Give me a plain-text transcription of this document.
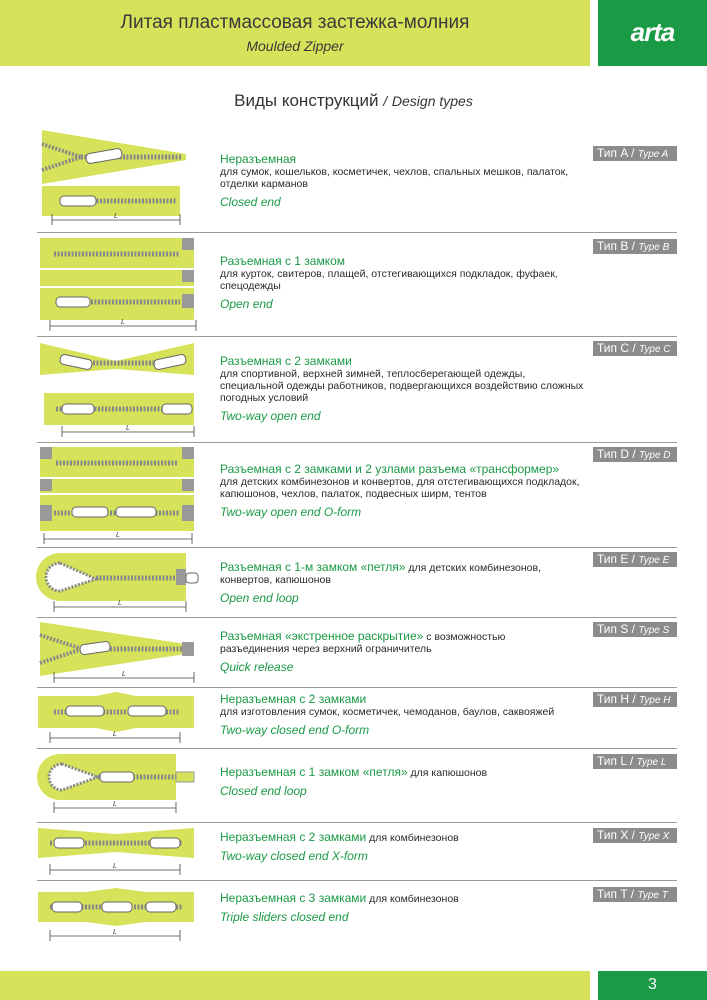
Литая пластмассовая застежка-молния
Moulded Zipper	arta
Виды конструкций / Design types
L
Неразъемная
для сумок, кошельков, косметичек, чехлов, спальных мешков, палаток, отделки карманов
Closed end
Тип A / Type A
L
Разъемная с 1 замком
для курток, свитеров, плащей, отстегивающихся подкладок, фуфаек, спецодежды
Open end
Тип B / Type B
L
Разъемная с 2 замками
для спортивной, верхней зимней, теплосберегающей одежды, специальной одежды работников, подвергающихся воздействию сложных погодных условий
Two-way open end
Тип C / Type C
L
Разъемная с 2 замками и 2 узлами разъема «трансформер»
для детских комбинезонов и конвертов, для отстегивающихся подкладок, капюшонов, чехлов, палаток, подвесных ширм, тентов
Two-way open end O-form
Тип D / Type D
L
Разъемная с 1-м замком «петля» для детских комбинезонов,
конвертов, капюшонов
Open end loop
Тип E / Type E
L
Разъемная «экстренное раскрытие» с возможностью
разъединения через верхний ограничитель
Quick release
Тип S / Type S
L
Неразъемная с 2 замками
для изготовления сумок, косметичек, чемоданов, баулов, саквояжей
Two-way closed end O-form
Тип H / Type H
L
Неразъемная с 1 замком «петля» для капюшонов
Closed end loop
Тип L / Type L
L
Неразъемная с 2 замками для комбинезонов
Two-way closed end X-form
Тип X / Type X
L
Неразъемная с 3 замками для комбинезонов
Triple sliders closed end
Тип T / Type T
3
